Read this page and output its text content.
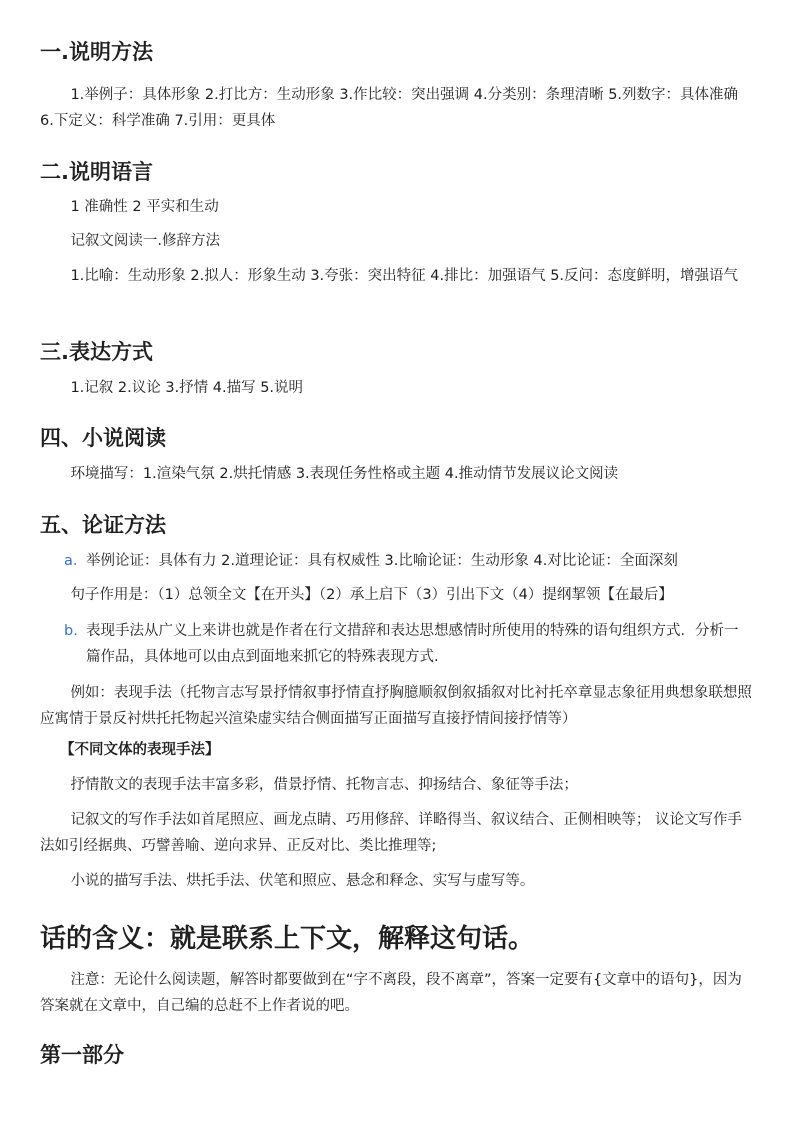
一.说明方法

1.举例子：具体形象 2.打比方：生动形象 3.作比较：突出强调 4.分类别：条理清晰 5.列数字：具体准确 6.下定义：科学准确 7.引用：更具体

二.说明语言

1 准确性 2 平实和生动

记叙文阅读一.修辞方法

1.比喻：生动形象 2.拟人：形象生动 3.夸张：突出特征 4.排比：加强语气 5.反问：态度鲜明，增强语气

三.表达方式

1.记叙 2.议论 3.抒情 4.描写 5.说明

四、小说阅读

环境描写：1.渲染气氛 2.烘托情感 3.表现任务性格或主题 4.推动情节发展议论文阅读

五、论证方法
a. 举例论证：具体有力 2.道理论证：具有权威性 3.比喻论证：生动形象 4.对比论证：全面深刻

句子作用是：（1）总领全文【在开头】（2）承上启下（3）引出下文（4）提纲挈领【在最后】

b. 表现手法从广义上来讲也就是作者在行文措辞和表达思想感情时所使用的特殊的语句组织方式．分析一篇作品，具体地可以由点到面地来抓它的特殊表现方式.

例如：表现手法（托物言志写景抒情叙事抒情直抒胸臆顺叙倒叙插叙对比衬托卒章显志象征用典想象联想照应寓情于景反衬烘托托物起兴渲染虚实结合侧面描写正面描写直接抒情间接抒情等）

【不同文体的表现手法】

抒情散文的表现手法丰富多彩，借景抒情、托物言志、抑扬结合、象征等手法；

记叙文的写作手法如首尾照应、画龙点睛、巧用修辞、详略得当、叙议结合、正侧相映等； 议论文写作手法如引经据典、巧譬善喻、逆向求异、正反对比、类比推理等;

小说的描写手法、烘托手法、伏笔和照应、悬念和释念、实写与虚写等。

话的含义：就是联系上下文，解释这句话。

注意：无论什么阅读题，解答时都要做到在“字不离段，段不离章”，答案一定要有{文章中的语句}，因为答案就在文章中，自己编的总赶不上作者说的吧。

第一部分
